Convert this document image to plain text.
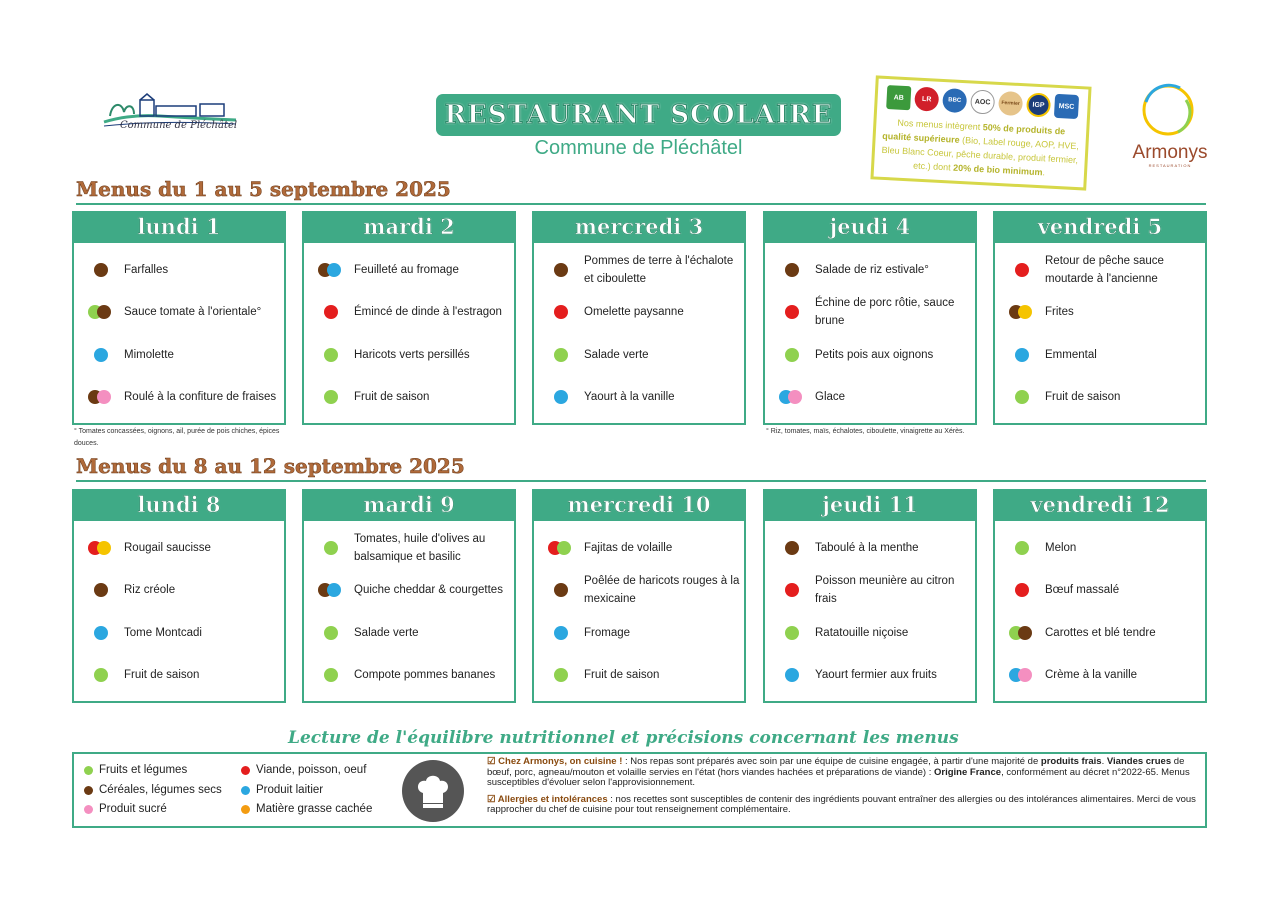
Commune de Pléchâtel	RESTAURANT SCOLAIRE
Commune de Pléchâtel
AB	LR	BBC	AOC	Fermier	IGP	MSC
Nos menus intègrent 50% de produits de qualité supérieure (Bio, Label rouge, AOP, HVE, Bleu Blanc Coeur, pêche durable, produit fermier, etc.) dont 20% de bio minimum.
Armonys
RESTAURATION
Menus du 1 au 5 septembre 2025
lundi 1
Farfalles
Sauce tomate à l'orientale°
Mimolette
Roulé à la confiture de fraises
mardi 2
Feuilleté au fromage
Émincé de dinde à l'estragon
Haricots verts persillés
Fruit de saison
mercredi 3
Pommes de terre à l'échalote et ciboulette
Omelette paysanne
Salade verte
Yaourt à la vanille
jeudi 4
Salade de riz estivale°
Échine de porc rôtie, sauce brune
Petits pois aux oignons
Glace
vendredi 5
Retour de pêche sauce moutarde à l'ancienne
Frites
Emmental
Fruit de saison
° Tomates concassées, oignons, ail, purée de pois chiches, épices douces.
° Riz, tomates, maïs, échalotes, ciboulette, vinaigrette au Xérès.
Menus du 8 au 12 septembre 2025
lundi 8
Rougail saucisse
Riz créole
Tome Montcadi
Fruit de saison
mardi 9
Tomates, huile d'olives au balsamique et basilic
Quiche cheddar & courgettes
Salade verte
Compote pommes bananes
mercredi 10
Fajitas de volaille
Poêlée de haricots rouges à la mexicaine
Fromage
Fruit de saison
jeudi 11
Taboulé à la menthe
Poisson meunière au citron frais
Ratatouille niçoise
Yaourt fermier aux fruits
vendredi 12
Melon
Bœuf massalé
Carottes et blé tendre
Crème à la vanille
Lecture de l'équilibre nutritionnel et précisions concernant les menus
Fruits et légumes
Céréales, légumes secs
Produit sucré
Viande, poisson, oeuf
Produit laitier
Matière grasse cachée

☑ Chez Armonys, on cuisine ! : Nos repas sont préparés avec soin par une équipe de cuisine engagée, à partir d'une majorité de produits frais. Viandes crues de bœuf, porc, agneau/mouton et volaille servies en l'état (hors viandes hachées et préparations de viande) : Origine France, conformément au décret n°2022-65. Menus susceptibles d'évoluer selon l'approvisionnement.

☑ Allergies et intolérances : nos recettes sont susceptibles de contenir des ingrédients pouvant entraîner des allergies ou des intolérances alimentaires. Merci de vous rapprocher du chef de cuisine pour tout renseignement complémentaire.
